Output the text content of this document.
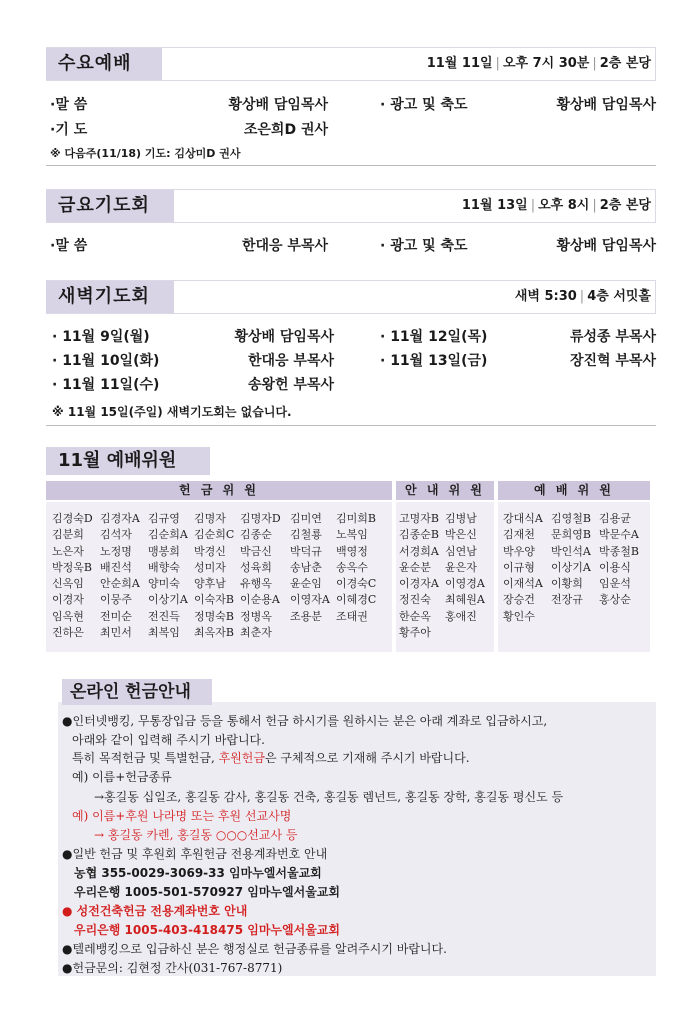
수요예배	11월 11일 | 오후 7시 30분 | 2층 본당
·말 씀	황상배 담임목사	· 광고 및 축도	황상배 담임목사
·기 도	조은희D 권사
※ 다음주(11/18) 기도: 김상미D 권사
금요기도회	11월 13일 | 오후 8시 | 2층 본당
·말 씀	한대응 부목사	· 광고 및 축도	황상배 담임목사
새벽기도회	새벽 5:30 | 4층 서밋홀
· 11월 9일(월)	황상배 담임목사
· 11월 10일(화)	한대응 부목사
· 11월 11일(수)	송왕헌 부목사
· 11월 12일(목)	류성종 부목사
· 11월 13일(금)	장진혁 부목사
※ 11월 15일(주일) 새벽기도회는 없습니다.
11월 예배위원
헌 금 위 원	안 내 위 원	예 배 위 원
김경숙D 김경자A 김규영 김명자 김명자D 김미연 김미희B
김분희 김석자 김순희A 김순희C 김종순 김철룡 노복임
노은자 노정명 맹봉희 박경신 박금신 박덕규 백영정
박정욱B 배진석 배향숙 성미자 성육희 송남춘 송옥수
신옥임 안순희A 양미숙 양후남 유행옥 윤순임 이경숙C
이경자 이뭉주 이상기A 이숙자B 이순용A 이영자A 이혜경C
임옥현 전미순 전진득 정명숙B 정병옥 조용분 조태권
진하은 최민서 최복임 최옥자B 최춘자
고명자B 김병남
김종순B 박은신
서경희A 심연남
윤순분 윤은자
이경자A 이영경A
정진숙 최혜원A
한순옥 홍애진
황주아
강대식A 김영철B 김용균
김재천 문희영B 박문수A
박우양 박인석A 박종철B
이규형 이상기A 이용식
이재석A 이황희 임운석
장승건 전장규 홍상순
황인수
온라인 헌금안내
●인터넷뱅킹, 무통장입금 등을 통해서 헌금 하시기를 원하시는 분은 아래 계좌로 입금하시고,
아래와 같이 입력해 주시기 바랍니다.
특히 목적헌금 및 특별헌금, 후원헌금은 구체적으로 기재해 주시기 바랍니다.
예) 이름+헌금종류
→홍길동 십일조, 홍길동 감사, 홍길동 건축, 홍길동 렘넌트, 홍길동 장학, 홍길동 평신도 등
예) 이름+후원 나라명 또는 후원 선교사명
→ 홍길동 카렌, 홍길동 ○○○선교사 등
●일반 헌금 및 후원회 후원헌금 전용계좌번호 안내
농협 355-0029-3069-33 임마누엘서울교회
우리은행 1005-501-570927 임마누엘서울교회
● 성전건축헌금 전용계좌번호 안내
우리은행 1005-403-418475 임마누엘서울교회
●텔레뱅킹으로 입금하신 분은 행정실로 헌금종류를 알려주시기 바랍니다.
●헌금문의: 김현정 간사(031-767-8771)
